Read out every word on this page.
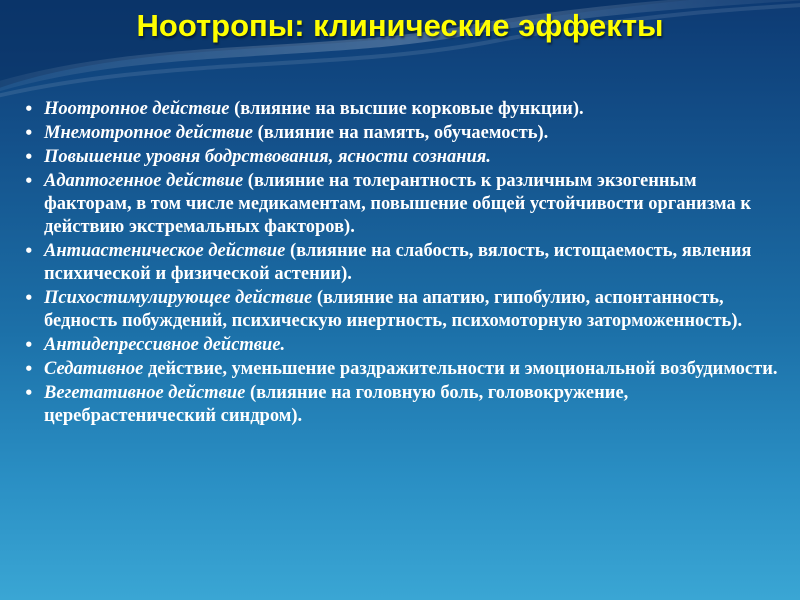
Ноотропы: клинические эффекты
• Ноотропное действие (влияние на высшие корковые функции).
• Мнемотропное действие (влияние на память, обучаемость).
• Повышение уровня бодрствования, ясности сознания.
• Адаптогенное действие (влияние на толерантность к различным экзогенным факторам, в том числе медикаментам, повышение общей устойчивости организма к действию экстремальных факторов).
• Антиастеническое действие (влияние на слабость, вялость, истощаемость, явления психической и физической астении).
• Психостимулирующее действие (влияние на апатию, гипобулию, аспонтанность, бедность побуждений, психическую инертность, психомоторную заторможенность).
• Антидепрессивное действие.
• Седативное действие, уменьшение раздражительности и эмоциональной возбудимости.
• Вегетативное действие (влияние на головную боль, головокружение, церебрастенический синдром).
